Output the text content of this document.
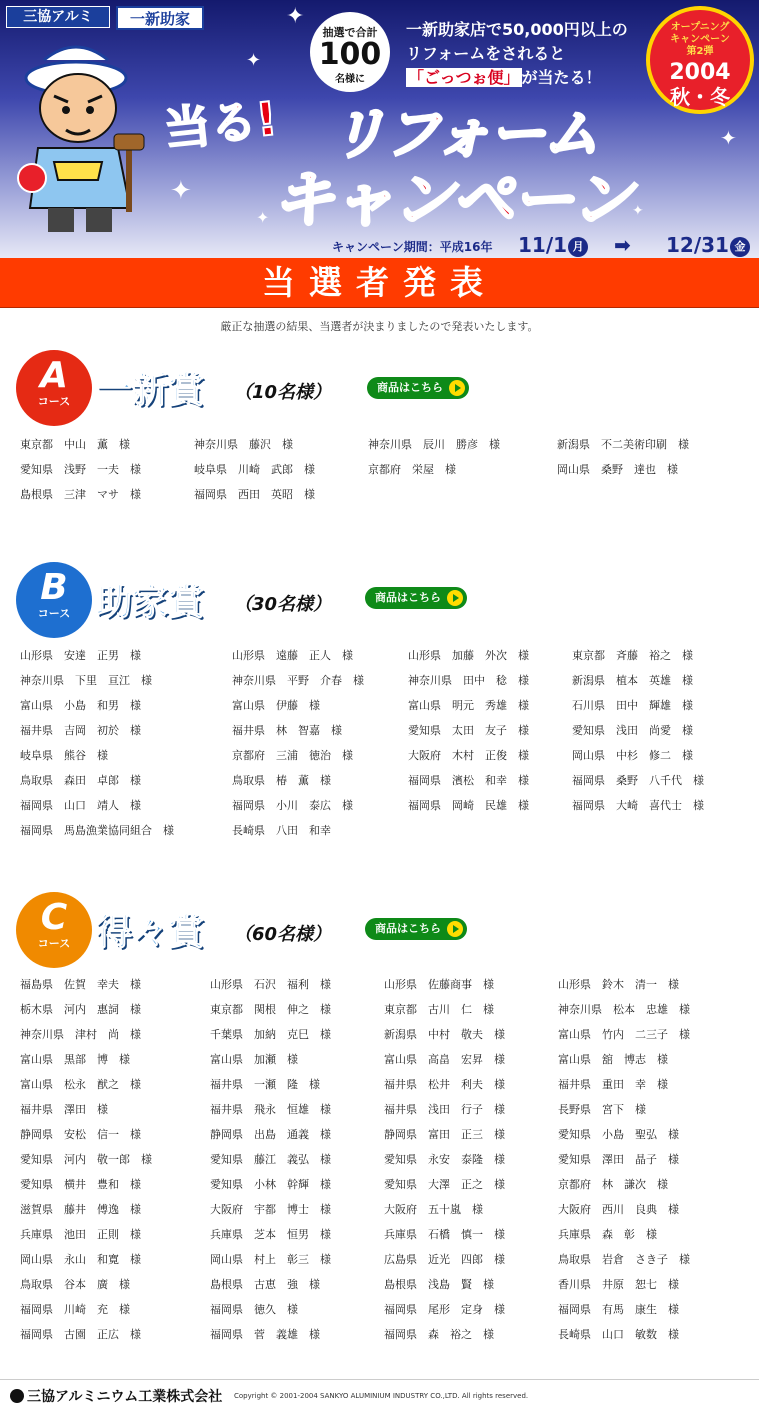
✦
✦
✦
✦
✦
✦
三協アルミ	一新助家
抽選で合計
100
名様に
一新助家店で50,000円以上の
リフォームをされると
「ごっつぉ便」 が当たる！
オープニング
キャンペーン
第2弾
2004
秋・冬
当る! リフォーム
キャンペーン
キャンペーン期間：平成16年 11/1 月 ➡ 12/31 金
当選者発表
厳正な抽選の結果、当選者が決まりましたので発表いたします。
A
コース 一新賞 （10名様）	商品はこちら
B
コース 助家賞 （30名様）	商品はこちら
C
コース 得々賞 （60名様）	商品はこちら
東京都　中山　薫　様	神奈川県　藤沢　様	神奈川県　辰川　勝彦　様	新潟県　不二美術印刷　様
愛知県　浅野　一夫　様	岐阜県　川崎　武郎　様	京都府　栄屋　様	岡山県　桑野　達也　様
島根県　三津　マサ　様	福岡県　西田　英昭　様
山形県　安達　正男　様	山形県　遠藤　正人　様	山形県　加藤　外次　様	東京都　斉藤　裕之　様
神奈川県　下里　亘江　様	神奈川県　平野　介春　様	神奈川県　田中　稔　様	新潟県　植本　英雄　様
富山県　小島　和男　様	富山県　伊藤　様	富山県　明元　秀雄　様	石川県　田中　輝雄　様
福井県　吉岡　初於　様	福井県　林　智嘉　様	愛知県　太田　友子　様	愛知県　浅田　尚愛　様
岐阜県　熊谷　様	京都府　三浦　徳治　様	大阪府　木村　正俊　様	岡山県　中杉　修二　様
鳥取県　森田　卓郎　様	鳥取県　椿　薫　様	福岡県　濱松　和幸　様	福岡県　桑野　八千代　様
福岡県　山口　靖人　様	福岡県　小川　泰広　様	福岡県　岡崎　民雄　様	福岡県　大崎　喜代士　様
福岡県　馬島漁業協同組合　様	長崎県　八田　和幸
福島県　佐賀　幸夫　様	山形県　石沢　福利　様	山形県　佐藤商事　様	山形県　鈴木　清一　様
栃木県　河内　惠詞　様	東京都　関根　伸之　様	東京都　古川　仁　様	神奈川県　松本　忠雄　様
神奈川県　津村　尚　様	千葉県　加納　克巳　様	新潟県　中村　敬夫　様	富山県　竹内　二三子　様
富山県　黒部　博　様	富山県　加瀬　様	富山県　高畠　宏昇　様	富山県　舘　博志　様
富山県　松永　猷之　様	福井県　一瀬　隆　様	福井県　松井　利夫　様	福井県　重田　幸　様
福井県　澤田　様	福井県　飛永　恒雄　様	福井県　浅田　行子　様	長野県　宮下　様
静岡県　安松　信一　様	静岡県　出島　通義　様	静岡県　富田　正三　様	愛知県　小島　聖弘　様
愛知県　河内　敬一郎　様	愛知県　藤江　義弘　様	愛知県　永安　泰隆　様	愛知県　澤田　晶子　様
愛知県　横井　豊和　様	愛知県　小林　幹輝　様	愛知県　大澤　正之　様	京都府　林　謙次　様
滋賀県　藤井　傅逸　様	大阪府　宇都　博士　様	大阪府　五十嵐　様	大阪府　西川　良典　様
兵庫県　池田　正則　様	兵庫県　芝本　恒男　様	兵庫県　石橋　慎一　様	兵庫県　森　彰　様
岡山県　永山　和寛　様	岡山県　村上　彰三　様	広島県　近光　四郎　様	鳥取県　岩倉　さき子　様
鳥取県　谷本　廣　様	島根県　古恵　強　様	島根県　浅島　賢　様	香川県　井原　恕七　様
福岡県　川崎　充　様	福岡県　徳久　様	福岡県　尾形　定身　様	福岡県　有馬　康生　様
福岡県　古園　正広　様	福岡県　菅　義雄　様	福岡県　森　裕之　様	長崎県　山口　敏数　様
三協アルミニウム工業株式会社 Copyright © 2001-2004 SANKYO ALUMINIUM INDUSTRY CO.,LTD. All rights reserved.
